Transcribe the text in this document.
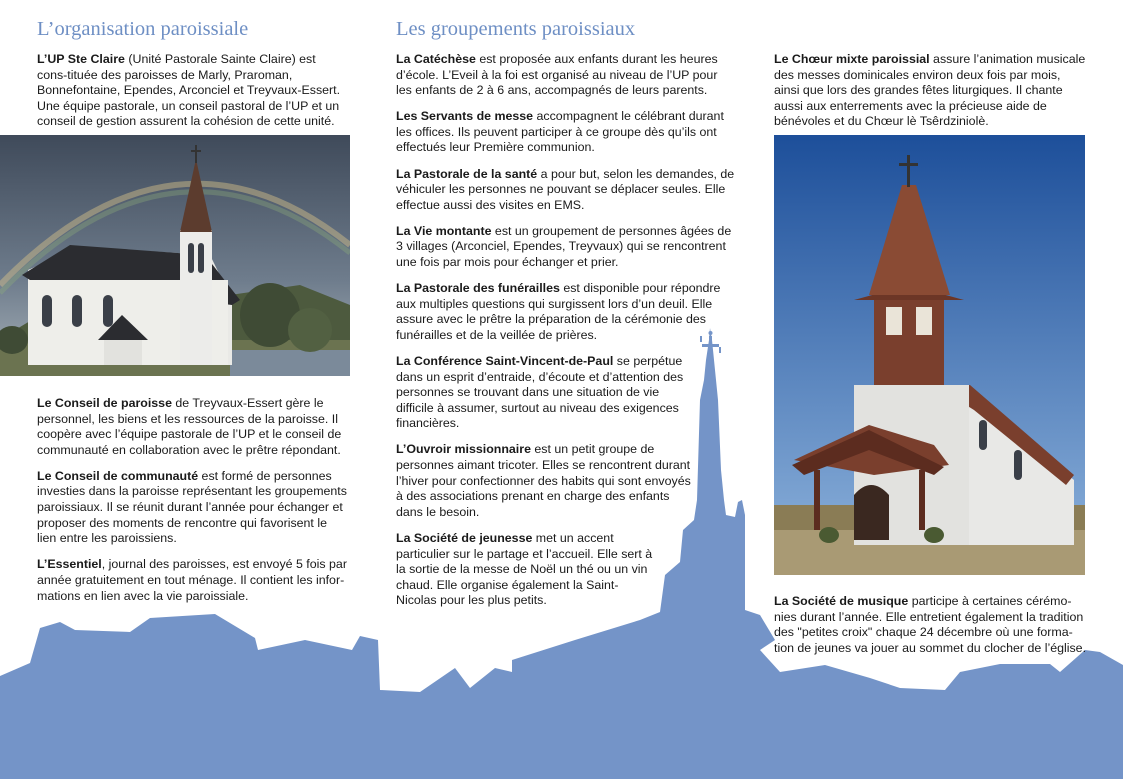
L’organisation paroissiale

L’UP Ste Claire (Unité Pastorale Sainte Claire) est cons-tituée des paroisses de Marly, Praroman, Bonnefontaine, Ependes, Arconciel et Treyvaux-Essert. Une équipe pastorale, un conseil pastoral de l’UP et un conseil de gestion assurent la cohésion de cette unité.

Le Conseil de paroisse de Treyvaux-Essert gère le personnel, les biens et les ressources de la paroisse. Il coopère avec l’équipe pastorale de l’UP et le conseil de communauté en collaboration avec le prêtre répondant.

Le Conseil de communauté est formé de personnes investies dans la paroisse représentant les groupements paroissiaux. Il se réunit durant l’année pour échanger et proposer des moments de rencontre qui favorisent le lien entre les paroissiens.

L’Essentiel, journal des paroisses, est envoyé 5 fois par année gratuitement en tout ménage. Il contient les infor-mations en lien avec la vie paroissiale.

Les groupements paroissiaux

La Catéchèse est proposée aux enfants durant les heures d’école. L’Eveil à la foi est organisé au niveau de l’UP pour les enfants de 2 à 6 ans, accompagnés de leurs parents.

Les Servants de messe accompagnent le célébrant durant les offices. Ils peuvent participer à ce groupe dès qu’ils ont effectués leur Première communion.

La Pastorale de la santé a pour but, selon les demandes, de véhiculer les personnes ne pouvant se déplacer seules. Elle effectue aussi des visites en EMS.

La Vie montante est un groupement de personnes âgées de 3 villages (Arconciel, Ependes, Treyvaux) qui se rencontrent une fois par mois pour échanger et prier.

La Pastorale des funérailles est disponible pour répondre aux multiples questions qui surgissent lors d’un deuil. Elle assure avec le prêtre la préparation de la cérémonie des funérailles et de la veillée de prières.

La Conférence Saint-Vincent-de-Paul se perpétue dans un esprit d’entraide, d’écoute et d’attention des personnes se trouvant dans une situation de vie difficile à assumer, surtout au niveau des exigences financières.

L’Ouvroir missionnaire est un petit groupe de personnes aimant tricoter. Elles se rencontrent durant l’hiver pour confectionner des habits qui sont envoyés à des associations prenant en charge des enfants dans le besoin.

La Société de jeunesse met un accent particulier sur le partage et l’accueil. Elle sert à la sortie de la messe de Noël un thé ou un vin chaud. Elle organise également la Saint-Nicolas pour les plus petits.

Le Chœur mixte paroissial assure l’animation musicale des messes dominicales environ deux fois par mois, ainsi que lors des grandes fêtes liturgiques. Il chante aussi aux enterrements avec la précieuse aide de bénévoles et du Chœur lè Tsêrdziniolè.

La Société de musique participe à certaines cérémo-nies durant l’année. Elle entretient également la tradition des "petites croix" chaque 24 décembre où une forma-tion de jeunes va jouer au sommet du clocher de l’église.
